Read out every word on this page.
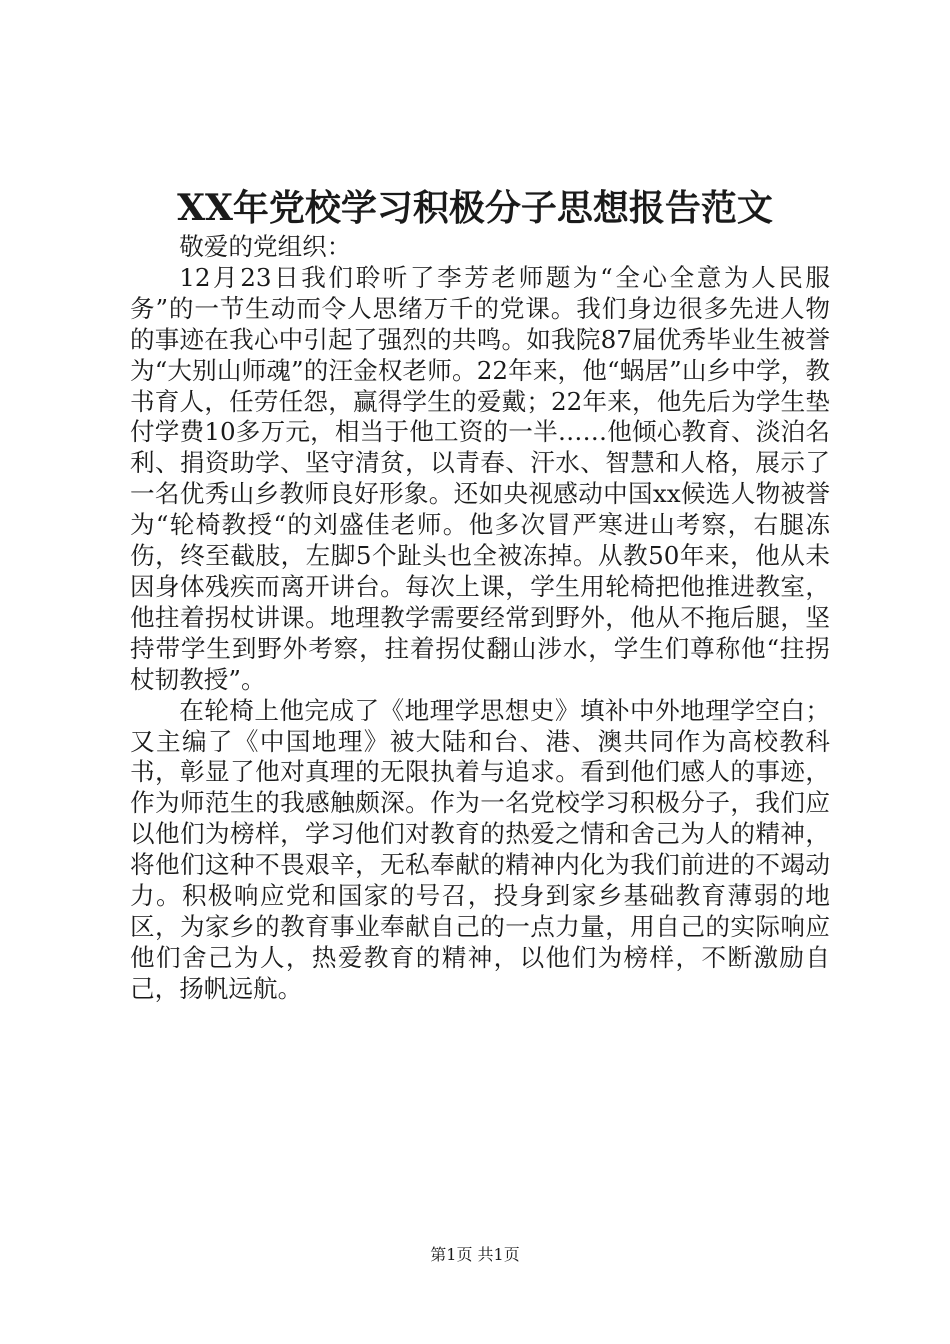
XX年党校学习积极分子思想报告范文

敬爱的党组织：

12月23日我们聆听了李芳老师题为“全心全意为人民服务”的一节生动而令人思绪万千的党课。我们身边很多先进人物的事迹在我心中引起了强烈的共鸣。如我院87届优秀毕业生被誉为“大别山师魂”的汪金权老师。22年来，他“蜗居”山乡中学，教书育人，任劳任怨，赢得学生的爱戴；22年来，他先后为学生垫付学费10多万元，相当于他工资的一半……他倾心教育、淡泊名利、捐资助学、坚守清贫，以青春、汗水、智慧和人格，展示了一名优秀山乡教师良好形象。还如央视感动中国xx候选人物被誉为“轮椅教授“的刘盛佳老师。他多次冒严寒进山考察，右腿冻伤，终至截肢，左脚5个趾头也全被冻掉。从教50年来，他从未因身体残疾而离开讲台。每次上课，学生用轮椅把他推进教室，他拄着拐杖讲课。地理教学需要经常到野外，他从不拖后腿，坚持带学生到野外考察，拄着拐仗翻山涉水，学生们尊称他“拄拐杖韧教授”。

在轮椅上他完成了《地理学思想史》填补中外地理学空白；又主编了《中国地理》被大陆和台、港、澳共同作为高校教科书，彰显了他对真理的无限执着与追求。看到他们感人的事迹，作为师范生的我感触颇深。作为一名党校学习积极分子，我们应以他们为榜样，学习他们对教育的热爱之情和舍己为人的精神，将他们这种不畏艰辛，无私奉献的精神内化为我们前进的不竭动力。积极响应党和国家的号召，投身到家乡基础教育薄弱的地区，为家乡的教育事业奉献自己的一点力量，用自己的实际响应他们舍己为人，热爱教育的精神，以他们为榜样，不断激励自己，扬帆远航。

第1页 共1页
